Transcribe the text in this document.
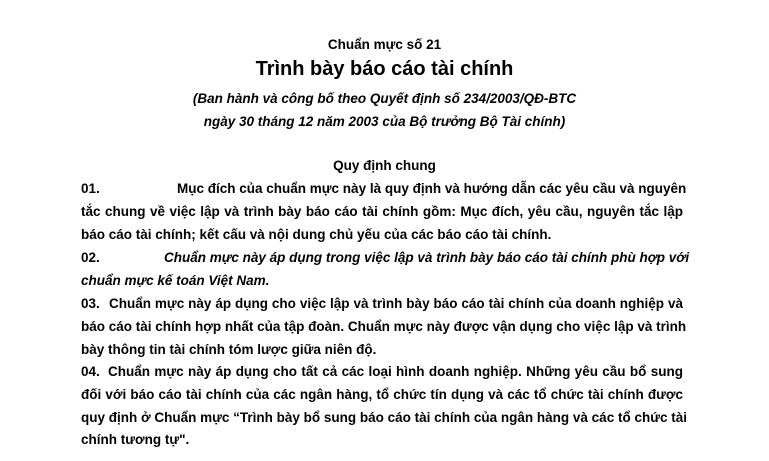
Chuẩn mực số 21
Trình bày báo cáo tài chính
(Ban hành và công bố theo Quyết định số 234/2003/QĐ-BTC
ngày 30 tháng 12 năm 2003 của Bộ trưởng Bộ Tài chính)
Quy định chung
01.	Mục đích của chuẩn mực này là quy định và hướng dẫn các yêu cầu và nguyên
tắc chung về việc lập và trình bày báo cáo tài chính gồm: Mục đích, yêu cầu, nguyên tắc lập
báo cáo tài chính; kết cấu và nội dung chủ yếu của các báo cáo tài chính.
02.	Chuẩn mực này áp dụng trong việc lập và trình bày báo cáo tài chính phù hợp với
chuẩn mực kế toán Việt Nam.
03. Chuẩn mực này áp dụng cho việc lập và trình bày báo cáo tài chính của doanh nghiệp và
báo cáo tài chính hợp nhất của tập đoàn. Chuẩn mực này được vận dụng cho việc lập và trình
bày thông tin tài chính tóm lược giữa niên độ.
04. Chuẩn mực này áp dụng cho tất cả các loại hình doanh nghiệp. Những yêu cầu bổ sung
đối với báo cáo tài chính của các ngân hàng, tổ chức tín dụng và các tổ chức tài chính được
quy định ở Chuẩn mực “Trình bày bổ sung báo cáo tài chính của ngân hàng và các tổ chức tài
chính tương tự".
